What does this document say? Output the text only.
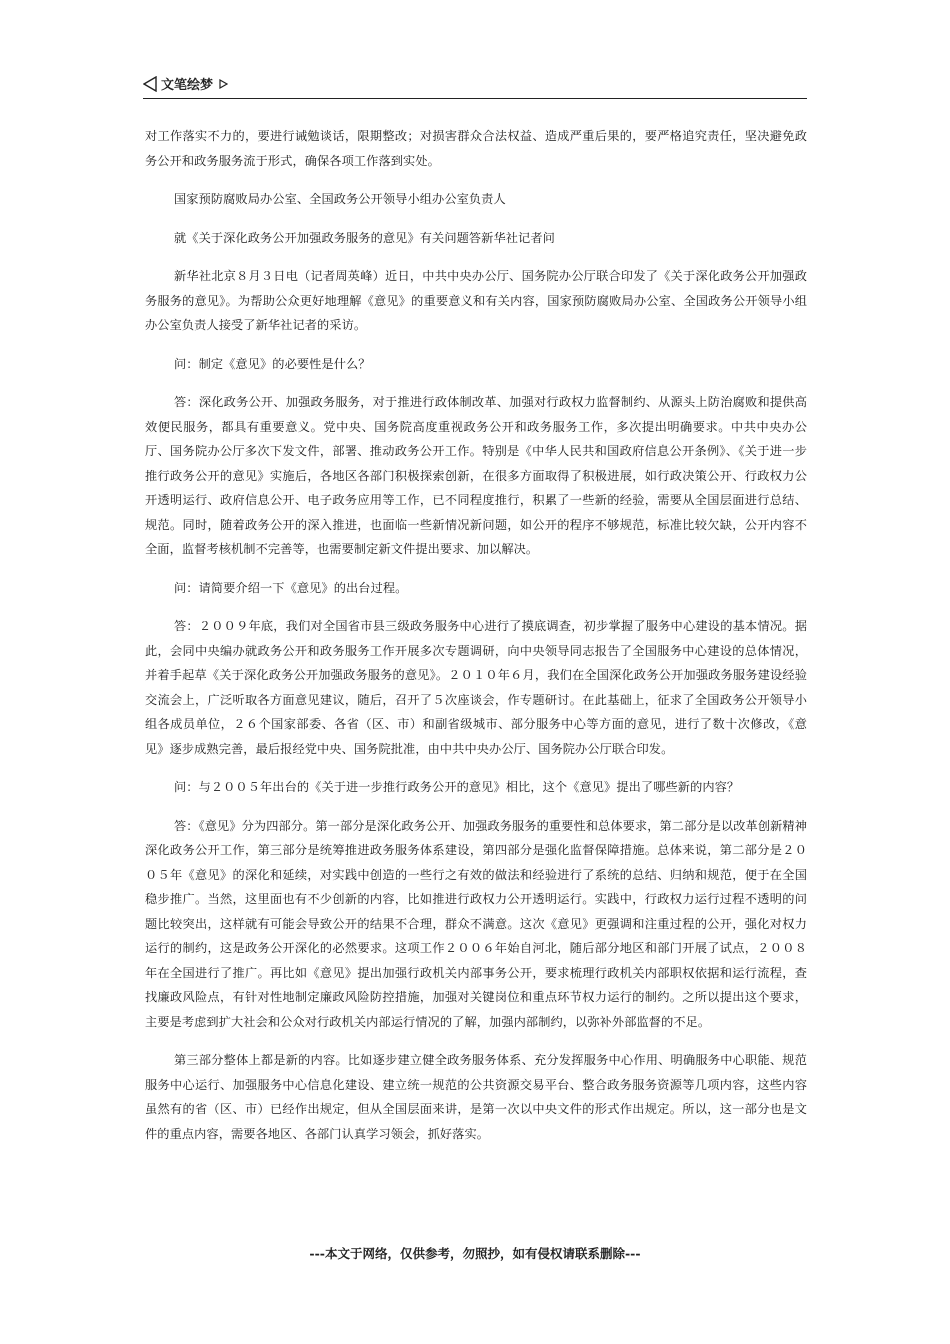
文笔绘梦

对工作落实不力的，要进行诫勉谈话，限期整改；对损害群众合法权益、造成严重后果的，要严格追究责任，坚决避免政务公开和政务服务流于形式，确保各项工作落到实处。

国家预防腐败局办公室、全国政务公开领导小组办公室负责人

就《关于深化政务公开加强政务服务的意见》有关问题答新华社记者问

新华社北京８月３日电（记者周英峰）近日，中共中央办公厅、国务院办公厅联合印发了《关于深化政务公开加强政务服务的意见》。为帮助公众更好地理解《意见》的重要意义和有关内容，国家预防腐败局办公室、全国政务公开领导小组办公室负责人接受了新华社记者的采访。

问：制定《意见》的必要性是什么？

答：深化政务公开、加强政务服务，对于推进行政体制改革、加强对行政权力监督制约、从源头上防治腐败和提供高效便民服务，都具有重要意义。党中央、国务院高度重视政务公开和政务服务工作，多次提出明确要求。中共中央办公厅、国务院办公厅多次下发文件，部署、推动政务公开工作。特别是《中华人民共和国政府信息公开条例》、《关于进一步推行政务公开的意见》实施后，各地区各部门积极探索创新，在很多方面取得了积极进展，如行政决策公开、行政权力公开透明运行、政府信息公开、电子政务应用等工作，已不同程度推行，积累了一些新的经验，需要从全国层面进行总结、规范。同时，随着政务公开的深入推进，也面临一些新情况新问题，如公开的程序不够规范，标准比较欠缺，公开内容不全面，监督考核机制不完善等，也需要制定新文件提出要求、加以解决。

问：请简要介绍一下《意见》的出台过程。

答：２００９年底，我们对全国省市县三级政务服务中心进行了摸底调查，初步掌握了服务中心建设的基本情况。据此，会同中央编办就政务公开和政务服务工作开展多次专题调研，向中央领导同志报告了全国服务中心建设的总体情况，并着手起草《关于深化政务公开加强政务服务的意见》。２０１０年６月，我们在全国深化政务公开加强政务服务建设经验交流会上，广泛听取各方面意见建议，随后，召开了５次座谈会，作专题研讨。在此基础上，征求了全国政务公开领导小组各成员单位，２６个国家部委、各省（区、市）和副省级城市、部分服务中心等方面的意见，进行了数十次修改，《意见》逐步成熟完善，最后报经党中央、国务院批准，由中共中央办公厅、国务院办公厅联合印发。

问：与２００５年出台的《关于进一步推行政务公开的意见》相比，这个《意见》提出了哪些新的内容？

答：《意见》分为四部分。第一部分是深化政务公开、加强政务服务的重要性和总体要求，第二部分是以改革创新精神深化政务公开工作，第三部分是统筹推进政务服务体系建设，第四部分是强化监督保障措施。总体来说，第二部分是２００５年《意见》的深化和延续，对实践中创造的一些行之有效的做法和经验进行了系统的总结、归纳和规范，便于在全国稳步推广。当然，这里面也有不少创新的内容，比如推进行政权力公开透明运行。实践中，行政权力运行过程不透明的问题比较突出，这样就有可能会导致公开的结果不合理，群众不满意。这次《意见》更强调和注重过程的公开，强化对权力运行的制约，这是政务公开深化的必然要求。这项工作２００６年始自河北，随后部分地区和部门开展了试点，２００８年在全国进行了推广。再比如《意见》提出加强行政机关内部事务公开，要求梳理行政机关内部职权依据和运行流程，查找廉政风险点，有针对性地制定廉政风险防控措施，加强对关键岗位和重点环节权力运行的制约。之所以提出这个要求，主要是考虑到扩大社会和公众对行政机关内部运行情况的了解，加强内部制约，以弥补外部监督的不足。

第三部分整体上都是新的内容。比如逐步建立健全政务服务体系、充分发挥服务中心作用、明确服务中心职能、规范服务中心运行、加强服务中心信息化建设、建立统一规范的公共资源交易平台、整合政务服务资源等几项内容，这些内容虽然有的省（区、市）已经作出规定，但从全国层面来讲，是第一次以中央文件的形式作出规定。所以，这一部分也是文件的重点内容，需要各地区、各部门认真学习领会，抓好落实。

---本文于网络，仅供参考，勿照抄，如有侵权请联系删除---
